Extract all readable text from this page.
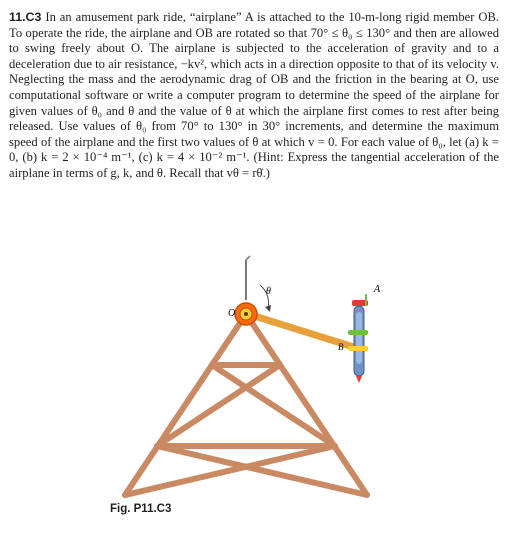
11.C3 In an amusement park ride, “airplane” A is attached to the 10-m-long rigid member OB. To operate the ride, the airplane and OB are rotated so that 70° ≤ θ₀ ≤ 130° and then are allowed to swing freely about O. The airplane is subjected to the acceleration of gravity and to a deceleration due to air resistance, −kv², which acts in a direction opposite to that of its velocity v. Neglecting the mass and the aerodynamic drag of OB and the friction in the bearing at O, use computational software or write a computer program to determine the speed of the airplane for given values of θ₀ and θ and the value of θ at which the airplane first comes to rest after being released. Use values of θ₀ from 70° to 130° in 30° increments, and determine the maximum speed of the airplane and the first two values of θ at which v = 0. For each value of θ₀, let (a) k = 0, (b) k = 2 × 10⁻⁴ m⁻¹, (c) k = 4 × 10⁻² m⁻¹. (Hint: Express the tangential acceleration of the airplane in terms of g, k, and θ. Recall that vθ = rθ̇.)

O
θ	A
B
Fig. P11.C3
